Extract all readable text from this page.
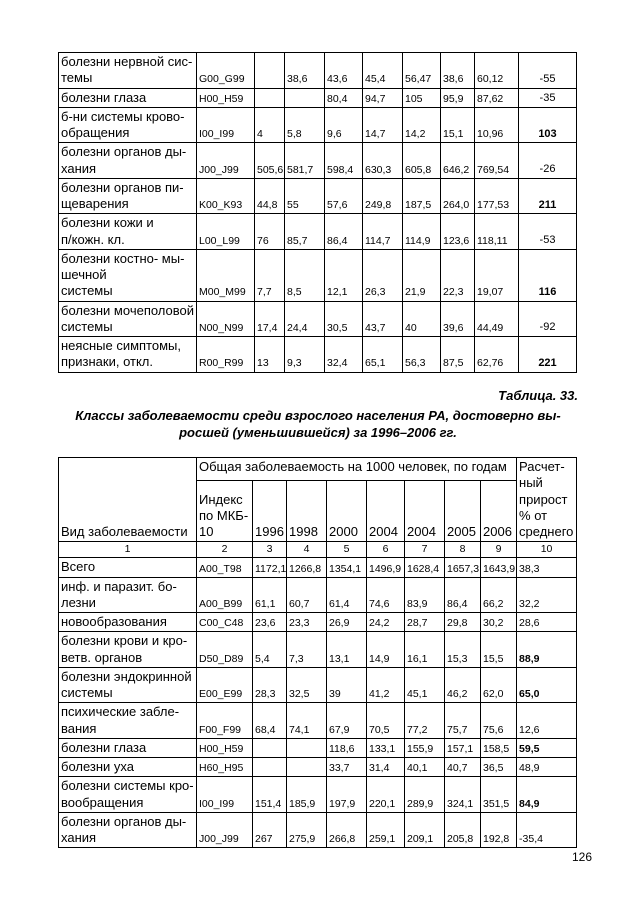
болезни нервной сис-
темы	G00_G99		38,6	43,6	45,4	56,47	38,6	60,12	-55
болезни глаза	H00_H59			80,4	94,7	105	95,9	87,62	-35
б-ни системы крово-
обращения	I00_I99	4	5,8	9,6	14,7	14,2	15,1	10,96	103
болезни органов ды-
хания	J00_J99	505,6	581,7	598,4	630,3	605,8	646,2	769,54	-26
болезни органов пи-
щеварения	K00_K93	44,8	55	57,6	249,8	187,5	264,0	177,53	211
болезни кожи и
п/кожн. кл.	L00_L99	76	85,7	86,4	114,7	114,9	123,6	118,11	-53
болезни костно- мы-
шечной
системы	M00_M99	7,7	8,5	12,1	26,3	21,9	22,3	19,07	116
болезни мочеполовой
системы	N00_N99	17,4	24,4	30,5	43,7	40	39,6	44,49	-92
неясные симптомы,
признаки, откл.	R00_R99	13	9,3	32,4	65,1	56,3	87,5	62,76	221
Таблица. 33.
Классы заболеваемости среди взрослого населения РА, достоверно вы-
росшей (уменьшившейся) за 1996–2006 гг.
Вид заболеваемости	Общая заболеваемость на 1000 человек, по годам								Расчет-
ный
прирост
% от
среднего
	Индекс
по МКБ-
10	1996	1998	2000	2004	2004	2005	2006	
1	2	3	4	5	6	7	8	9	10
Всего	A00_T98	1172,1	1266,8	1354,1	1496,9	1628,4	1657,3	1643,9	38,3
инф. и паразит. бо-
лезни	A00_B99	61,1	60,7	61,4	74,6	83,9	86,4	66,2	32,2
новообразования	C00_C48	23,6	23,3	26,9	24,2	28,7	29,8	30,2	28,6
болезни крови и кро-
ветв. органов	D50_D89	5,4	7,3	13,1	14,9	16,1	15,3	15,5	88,9
болезни эндокринной
системы	E00_E99	28,3	32,5	39	41,2	45,1	46,2	62,0	65,0
психические забле-
вания	F00_F99	68,4	74,1	67,9	70,5	77,2	75,7	75,6	12,6
болезни глаза	H00_H59			118,6	133,1	155,9	157,1	158,5	59,5
болезни уха	H60_H95			33,7	31,4	40,1	40,7	36,5	48,9
болезни системы кро-
вообращения	I00_I99	151,4	185,9	197,9	220,1	289,9	324,1	351,5	84,9
болезни органов ды-
хания	J00_J99	267	275,9	266,8	259,1	209,1	205,8	192,8	-35,4
126
